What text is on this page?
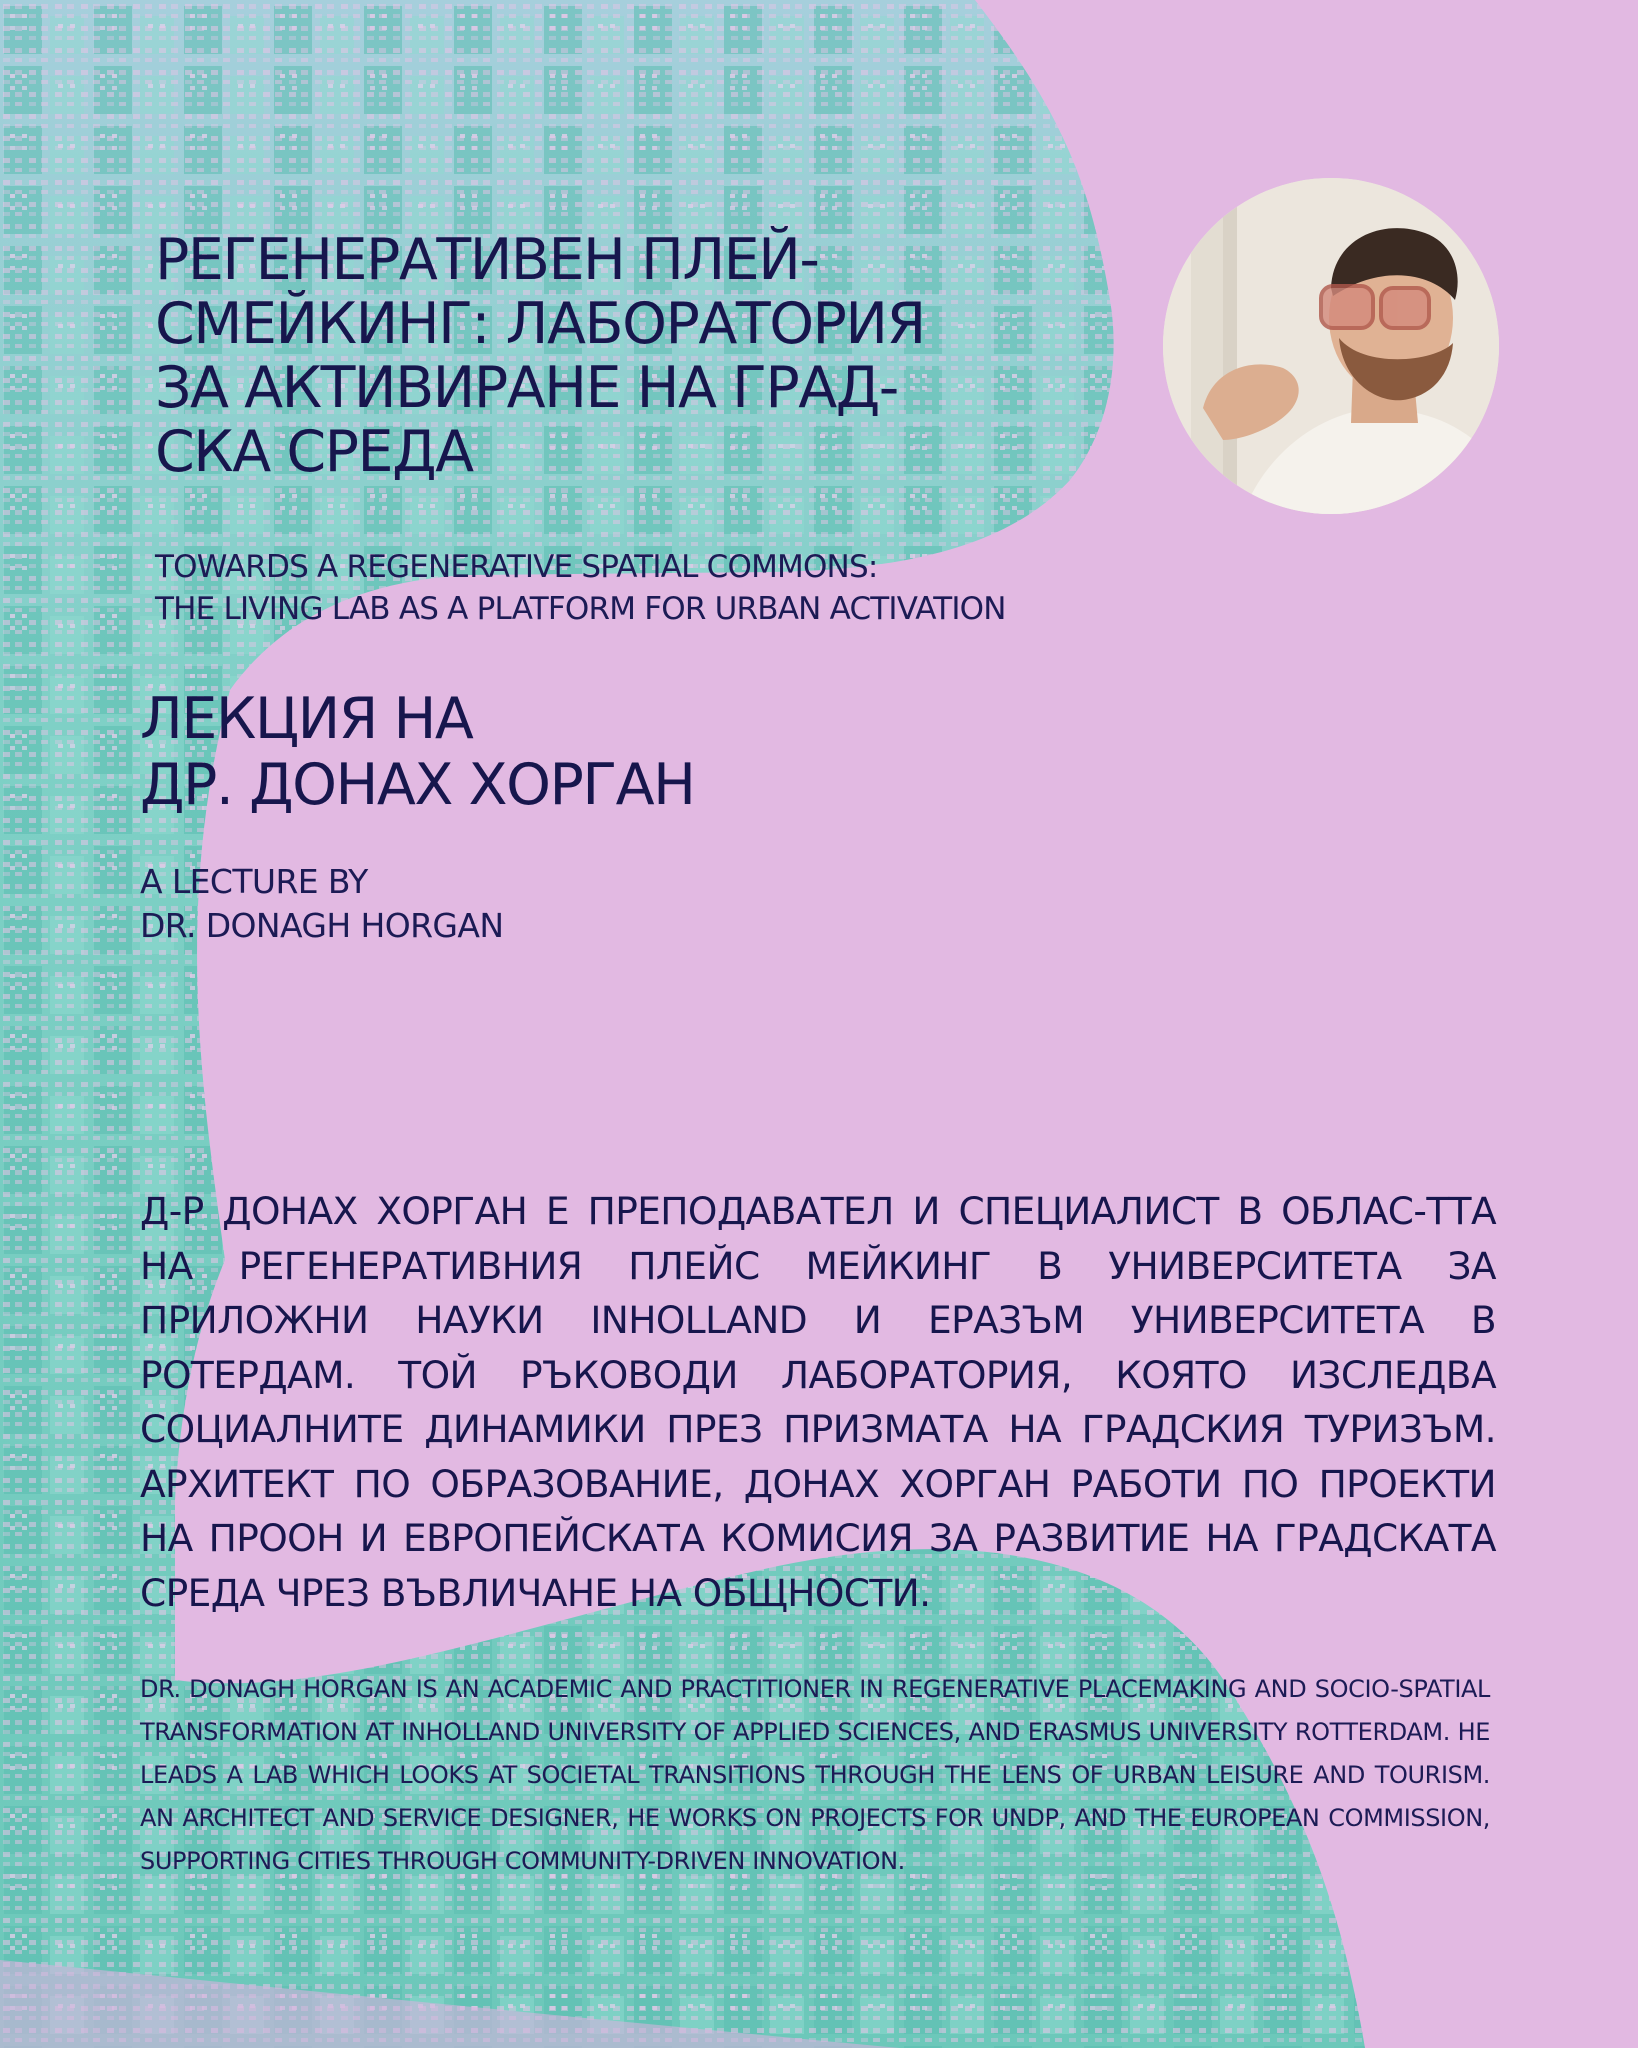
РЕГЕНЕРАТИВЕН ПЛЕЙ-
СМЕЙКИНГ: ЛАБОРАТОРИЯ
ЗА АКТИВИРАНЕ НА ГРАД-
СКА СРЕДА

TOWARDS A REGENERATIVE SPATIAL COMMONS:
THE LIVING LAB AS A PLATFORM FOR URBAN ACTIVATION

ЛЕКЦИЯ НА
ДР. ДОНАХ ХОРГАН

A LECTURE BY
DR. DONAGH HORGAN

Д-Р ДОНАХ ХОРГАН Е ПРЕПОДАВАТЕЛ И СПЕЦИАЛИСТ В ОБЛАС-ТТА НА РЕГЕНЕРАТИВНИЯ ПЛЕЙС МЕЙКИНГ В УНИВЕРСИТЕТА ЗА ПРИЛОЖНИ НАУКИ INHOLLAND И ЕРАЗЪМ УНИВЕРСИТЕТА В РОТЕРДАМ. ТОЙ РЪКОВОДИ ЛАБОРАТОРИЯ, КОЯТО ИЗСЛЕДВА СОЦИАЛНИТЕ ДИНАМИКИ ПРЕЗ ПРИЗМАТА НА ГРАДСКИЯ ТУРИЗЪМ. АРХИТЕКТ ПО ОБРАЗОВАНИЕ, ДОНАХ ХОРГАН РАБОТИ ПО ПРОЕКТИ НА ПРООН И ЕВРОПЕЙСКАТА КОМИСИЯ ЗА РАЗВИТИЕ НА ГРАДСКАТА СРЕДА ЧРЕЗ ВЪВЛИЧАНЕ НА ОБЩНОСТИ.

DR. DONAGH HORGAN IS AN ACADEMIC AND PRACTITIONER IN REGENERATIVE PLACEMAKING AND SOCIO-SPATIAL TRANSFORMATION AT INHOLLAND UNIVERSITY OF APPLIED SCIENCES, AND ERASMUS UNIVERSITY ROTTERDAM. HE LEADS A LAB WHICH LOOKS AT SOCIETAL TRANSITIONS THROUGH THE LENS OF URBAN LEISURE AND TOURISM. AN ARCHITECT AND SERVICE DESIGNER, HE WORKS ON PROJECTS FOR UNDP, AND THE EUROPEAN COMMISSION, SUPPORTING CITIES THROUGH COMMUNITY-DRIVEN INNOVATION.
